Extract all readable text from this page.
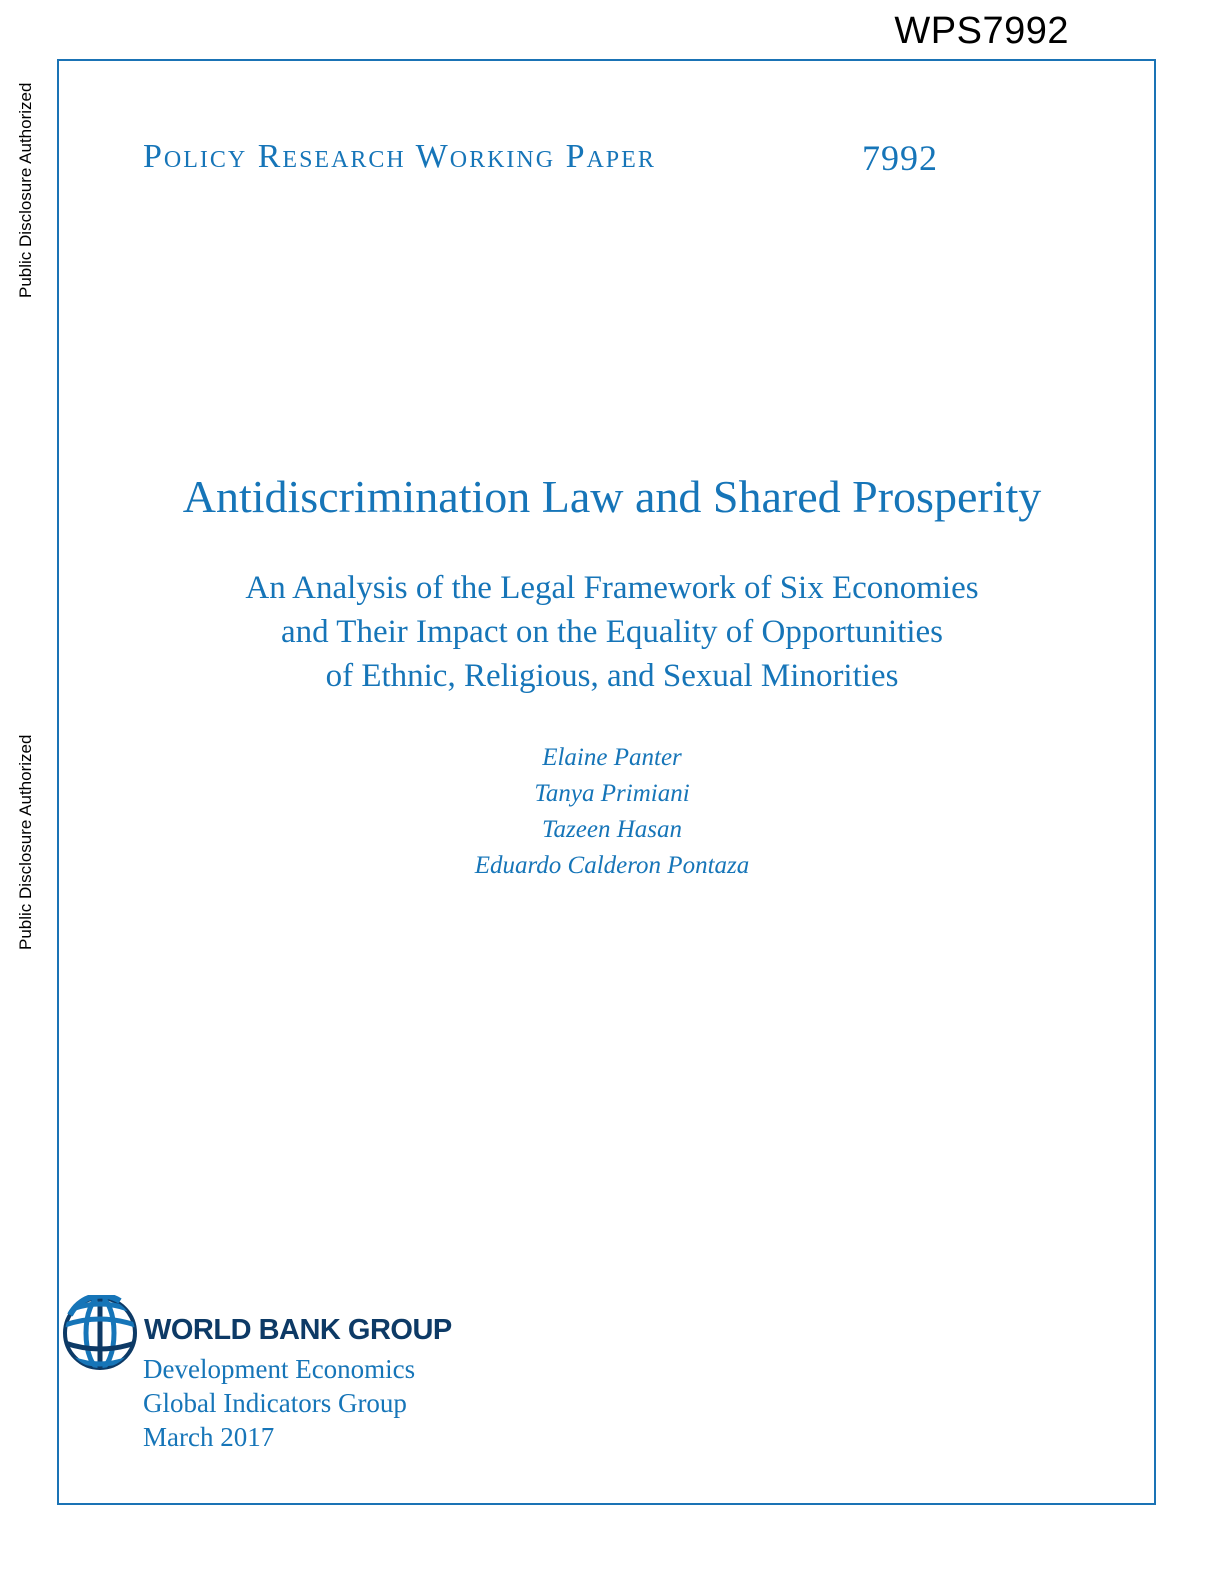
WPS7992
Public Disclosure Authorized
Public Disclosure Authorized
Policy Research Working Paper	7992
Antidiscrimination Law and Shared Prosperity
An Analysis of the Legal Framework of Six Economies
and Their Impact on the Equality of Opportunities
of Ethnic, Religious, and Sexual Minorities
Elaine Panter
Tanya Primiani
Tazeen Hasan
Eduardo Calderon Pontaza
WORLD BANK GROUP
Development Economics
Global Indicators Group
March 2017
